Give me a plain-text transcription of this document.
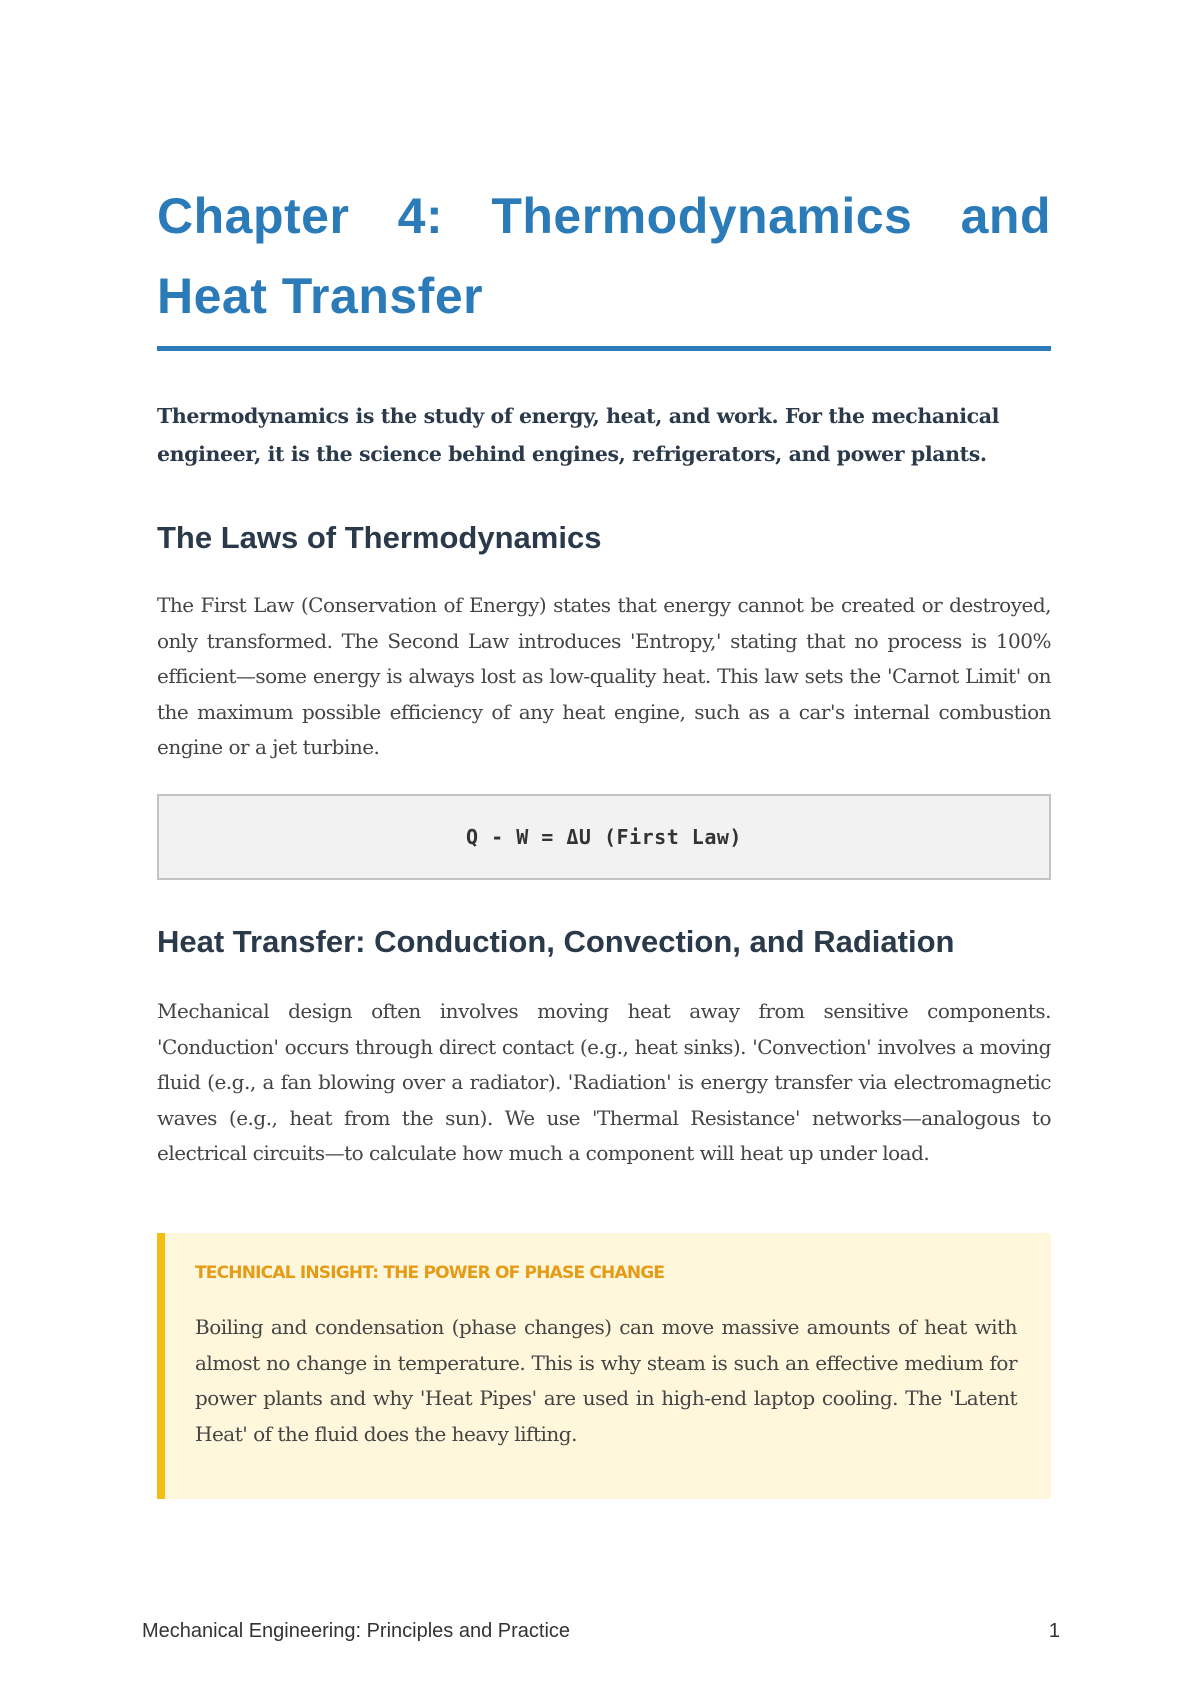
Chapter 4: Thermodynamics and Heat Transfer

Thermodynamics is the study of energy, heat, and work. For the mechanical engineer, it is the science behind engines, refrigerators, and power plants.

The Laws of Thermodynamics

The First Law (Conservation of Energy) states that energy cannot be created or destroyed, only transformed. The Second Law introduces 'Entropy,' stating that no process is 100% efficient—some energy is always lost as low-quality heat. This law sets the 'Carnot Limit' on the maximum possible efficiency of any heat engine, such as a car's internal combustion engine or a jet turbine.

Q - W = ΔU (First Law)
Heat Transfer: Conduction, Convection, and Radiation

Mechanical design often involves moving heat away from sensitive components. 'Conduction' occurs through direct contact (e.g., heat sinks). 'Convection' involves a moving fluid (e.g., a fan blowing over a radiator). 'Radiation' is energy transfer via electromagnetic waves (e.g., heat from the sun). We use 'Thermal Resistance' networks—analogous to electrical circuits—to calculate how much a component will heat up under load.

TECHNICAL INSIGHT: THE POWER OF PHASE CHANGE

Boiling and condensation (phase changes) can move massive amounts of heat with almost no change in temperature. This is why steam is such an effective medium for power plants and why 'Heat Pipes' are used in high-end laptop cooling. The 'Latent Heat' of the fluid does the heavy lifting.

Mechanical Engineering: Principles and Practice	1
